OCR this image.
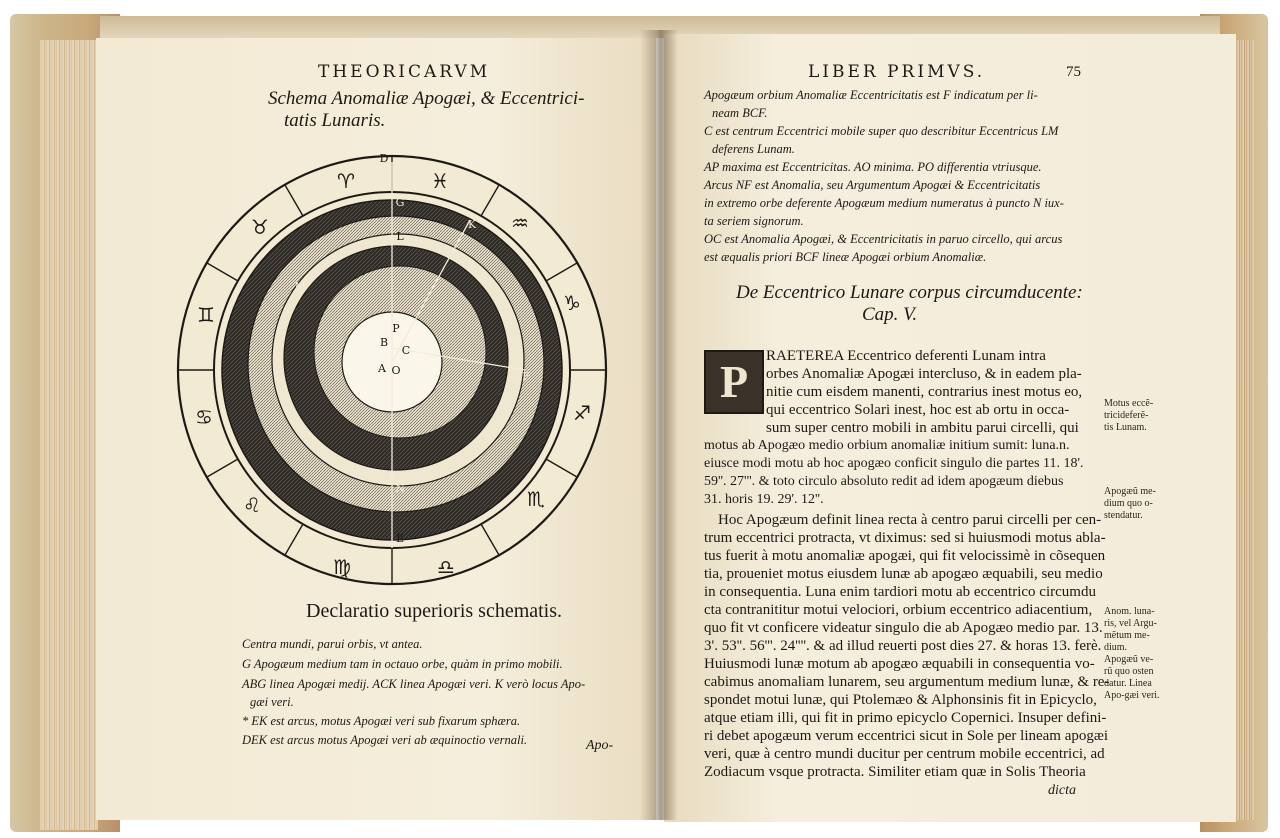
THEORICARVM
Schema Anomaliæ Apogæi, & Eccentrici-
tatis Lunaris.
♈	♓
♒
♑
♐
♏
♎
♍
♌
♋
♊
♉
D
G
L
K
M
B
C
A
P
O	F
N
E
Declaratio superioris schematis.
Centra mundi, parui orbis, vt antea.
G Apogæum medium tam in octauo orbe, quàm in primo mobili.
ABG linea Apogæi medij. ACK linea Apogæi veri. K verò locus Apo-
gæi veri.
* EK est arcus, motus Apogæi veri sub fixarum sphæra.
DEK est arcus motus Apogæi veri ab æquinoctio vernali.	Apo-
LIBER PRIMVS.	75
Apogæum orbium Anomaliæ Eccentricitatis est F indicatum per li-
neam BCF.
C est centrum Eccentrici mobile super quo describitur Eccentricus LM
deferens Lunam.
AP maxima est Eccentricitas. AO minima. PO differentia vtriusque.
Arcus NF est Anomalia, seu Argumentum Apogæi & Eccentricitatis
in extremo orbe deferente Apogæum medium numeratus à puncto N iux-
ta seriem signorum.
OC est Anomalia Apogæi, & Eccentricitatis in paruo circello, qui arcus
est æqualis priori BCF lineæ Apogæi orbium Anomaliæ.
De Eccentrico Lunare corpus circumducente:
Cap. V.
P	RAETEREA Eccentrico deferenti Lunam intra
orbes Anomaliæ Apogæi intercluso, & in eadem pla-
nitie cum eisdem manenti, contrarius inest motus eo,
qui eccentrico Solari inest, hoc est ab ortu in occa-
sum super centro mobili in ambitu parui circelli, qui
motus ab Apogæo medio orbium anomaliæ initium sumit: luna.n.
eiusce modi motu ab hoc apogæo conficit singulo die partes 11. 18'.
59''. 27'''. & toto circulo absoluto redit ad idem apogæum diebus
31. horis 19. 29'. 12''.
Hoc Apogæum definit linea recta à centro parui circelli per cen-
trum eccentrici protracta, vt diximus: sed si huiusmodi motus abla-
tus fuerit à motu anomaliæ apogæi, qui fit velocissimè in cõsequen
tia, proueniet motus eiusdem lunæ ab apogæo æquabili, seu medio
in consequentia. Luna enim tardiori motu ab eccentrico circumdu
cta contranititur motui velociori, orbium eccentrico adiacentium,
quo fit vt conficere videatur singulo die ab Apogæo medio par. 13.
3'. 53''. 56'''. 24''''. & ad illud reuerti post dies 27. & horas 13. ferè.
Huiusmodi lunæ motum ab apogæo æquabili in consequentia vo-
cabimus anomaliam lunarem, seu argumentum medium lunæ, & re-
spondet motui lunæ, qui Ptolemæo & Alphonsinis fit in Epicyclo,
atque etiam illi, qui fit in primo epicyclo Copernici. Insuper defini-
ri debet apogæum verum eccentrici sicut in Sole per lineam apogæi
veri, quæ à centro mundi ducitur per centrum mobile eccentrici, ad
Zodiacum vsque protracta. Similiter etiam quæ in Solis Theoria
dicta
Motus eccẽ-tricideferẽ-tis Lunam.
Apogæũ me-dium quo o-stendatur.
Anom. luna-ris, vel Argu-mẽtum me-dium. Apogæũ ve-rũ quo osten datur. Linea Apo-gæi veri.
